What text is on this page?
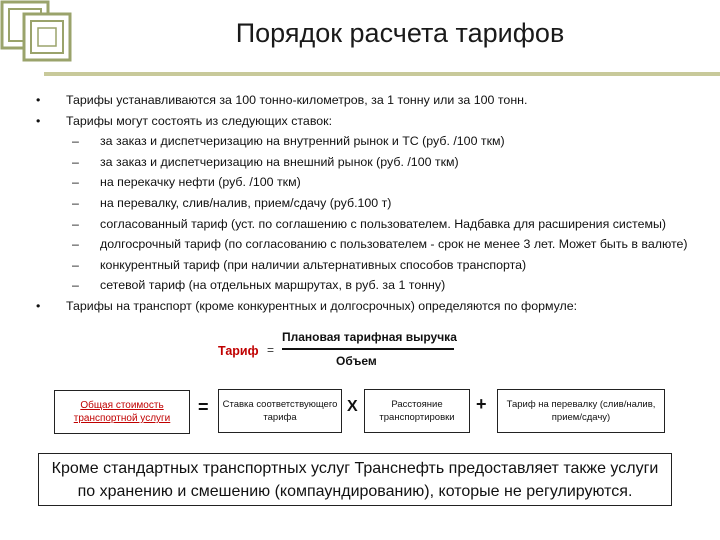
Порядок расчета тарифов
• Тарифы устанавливаются за 100 тонно-километров, за 1 тонну или за 100 тонн.
• Тарифы могут состоять из следующих ставок:
– за заказ и диспетчеризацию на внутренний рынок и ТС (руб. /100 ткм)
– за заказ и диспетчеризацию на внешний рынок (руб. /100 ткм)
– на перекачку нефти (руб. /100 ткм)
– на перевалку, слив/налив, прием/сдачу (руб.100 т)
– согласованный тариф (уст. по соглашению с пользователем. Надбавка для расширения системы)
– долгосрочный тариф (по согласованию с пользователем - срок не менее 3 лет. Может быть в валюте)
– конкурентный тариф (при наличии альтернативных способов транспорта)
– сетевой тариф (на отдельных маршрутах, в руб. за 1 тонну)
• Тарифы на транспорт (кроме конкурентных и долгосрочных) определяются по формуле:
Тариф =
Плановая тарифная выручка
Объем
Общая стоимость транспортной услуги
=	Ставка соответствующего тарифа
Х	Расстояние транспортировки
+	Тариф на перевалку (слив/налив, прием/сдачу)
Кроме стандартных транспортных услуг Транснефть предоставляет также услуги по хранению и смешению (компаундированию), которые не регулируются.
